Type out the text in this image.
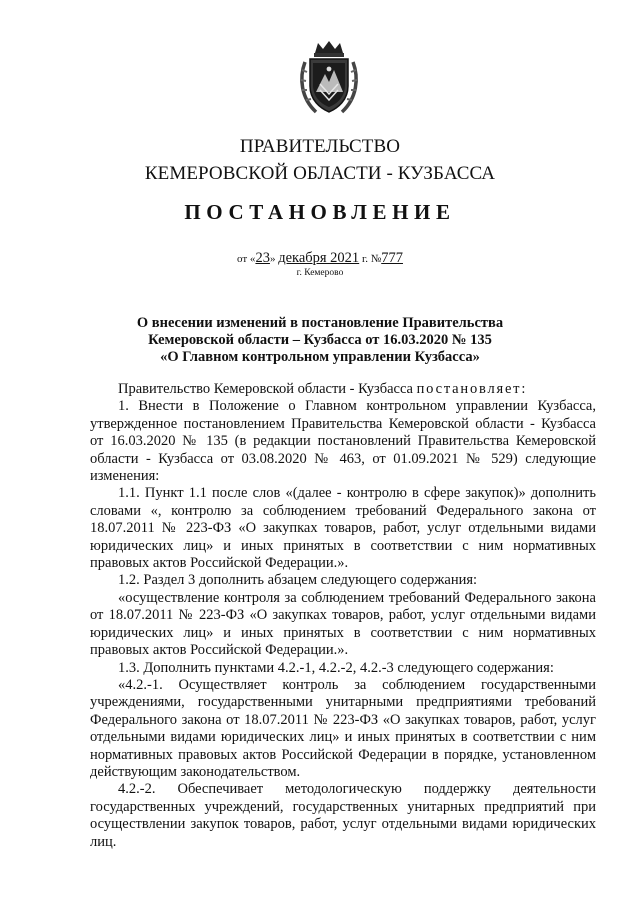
ПРАВИТЕЛЬСТВО
КЕМЕРОВСКОЙ ОБЛАСТИ - КУЗБАССА
ПОСТАНОВЛЕНИЕ
от «23» декабря 2021 г. №777
г. Кемерово
О внесении изменений в постановление Правительства
Кемеровской области – Кузбасса от 16.03.2020 № 135
«О Главном контрольном управлении Кузбасса»

Правительство Кемеровской области - Кузбасса постановляет:

1. Внести в Положение о Главном контрольном управлении Кузбасса, утвержденное постановлением Правительства Кемеровской области - Кузбасса от 16.03.2020 № 135 (в редакции постановлений Правительства Кемеровской области - Кузбасса от 03.08.2020 № 463, от 01.09.2021 № 529) следующие изменения:

1.1. Пункт 1.1 после слов «(далее - контролю в сфере закупок)» дополнить словами «, контролю за соблюдением требований Федерального закона от 18.07.2011 № 223-ФЗ «О закупках товаров, работ, услуг отдельными видами юридических лиц» и иных принятых в соответствии с ним нормативных правовых актов Российской Федерации.».

1.2. Раздел 3 дополнить абзацем следующего содержания:

«осуществление контроля за соблюдением требований Федерального закона от 18.07.2011 № 223-ФЗ «О закупках товаров, работ, услуг отдельными видами юридических лиц» и иных принятых в соответствии с ним нормативных правовых актов Российской Федерации.».

1.3. Дополнить пунктами 4.2.-1, 4.2.-2, 4.2.-3 следующего содержания:

«4.2.-1. Осуществляет контроль за соблюдением государственными учреждениями, государственными унитарными предприятиями требований Федерального закона от 18.07.2011 № 223-ФЗ «О закупках товаров, работ, услуг отдельными видами юридических лиц» и иных принятых в соответствии с ним нормативных правовых актов Российской Федерации в порядке, установленном действующим законодательством.

4.2.-2. Обеспечивает методологическую поддержку деятельности государственных учреждений, государственных унитарных предприятий при осуществлении закупок товаров, работ, услуг отдельными видами юридических лиц.
